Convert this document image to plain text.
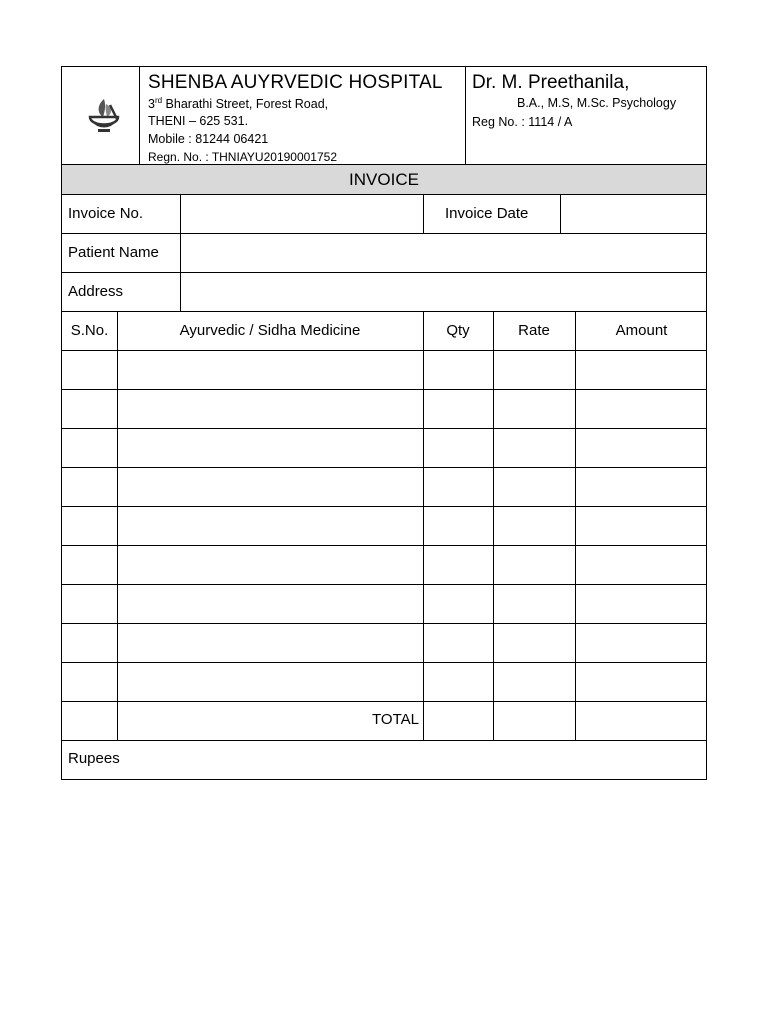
SHENBA AUYRVEDIC HOSPITAL
3rd Bharathi Street, Forest Road,
THENI – 625 531.
Mobile : 81244 06421
Regn. No. : THNIAYU20190001752
Dr. M. Preethanila,
B.A., M.S, M.Sc. Psychology
Reg No. : 1114 / A
INVOICE
Invoice No.	Invoice Date
Patient Name
Address
S.No.	Ayurvedic / Sidha Medicine	Qty	Rate	Amount
TOTAL
Rupees
